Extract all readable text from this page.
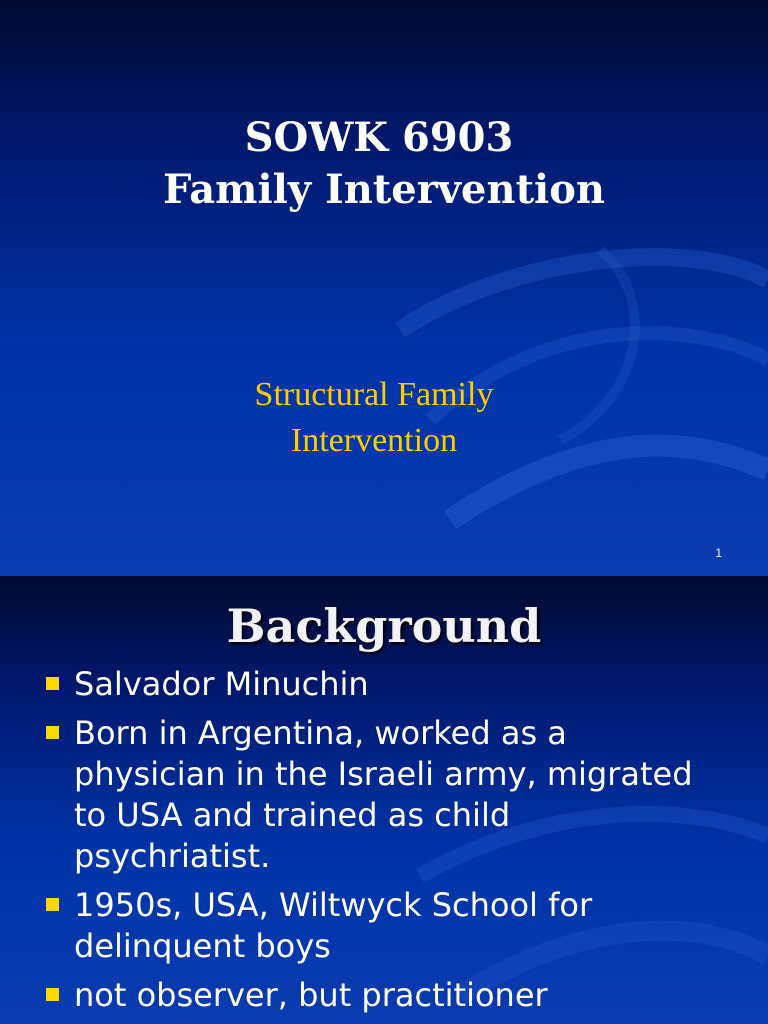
SOWK 6903
Family Intervention
Structural Family
Intervention
1
Background
Salvador Minuchin
Born in Argentina, worked as a
physician in the Israeli army, migrated
to USA and trained as child
psychriatist.
1950s, USA, Wiltwyck School for
delinquent boys
not observer, but practitioner
